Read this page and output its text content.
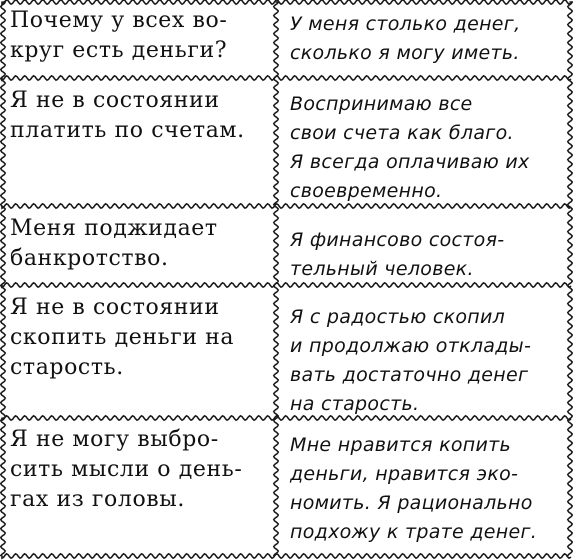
Почему у всех во-
круг есть деньги?
У меня столько денег,
сколько я могу иметь.
Я не в состоянии
платить по счетам.
Воспринимаю все
свои счета как благо.
Я всегда оплачиваю их
своевременно.
Меня поджидает
банкротство.
Я финансово состоя-
тельный человек.
Я не в состоянии
скопить деньги на
старость.
Я с радостью скопил
и продолжаю отклады-
вать достаточно денег
на старость.
Я не могу выбро-
сить мысли о день-
гах из головы.
Мне нравится копить
деньги, нравится эко-
номить. Я рационально
подхожу к трате денег.
